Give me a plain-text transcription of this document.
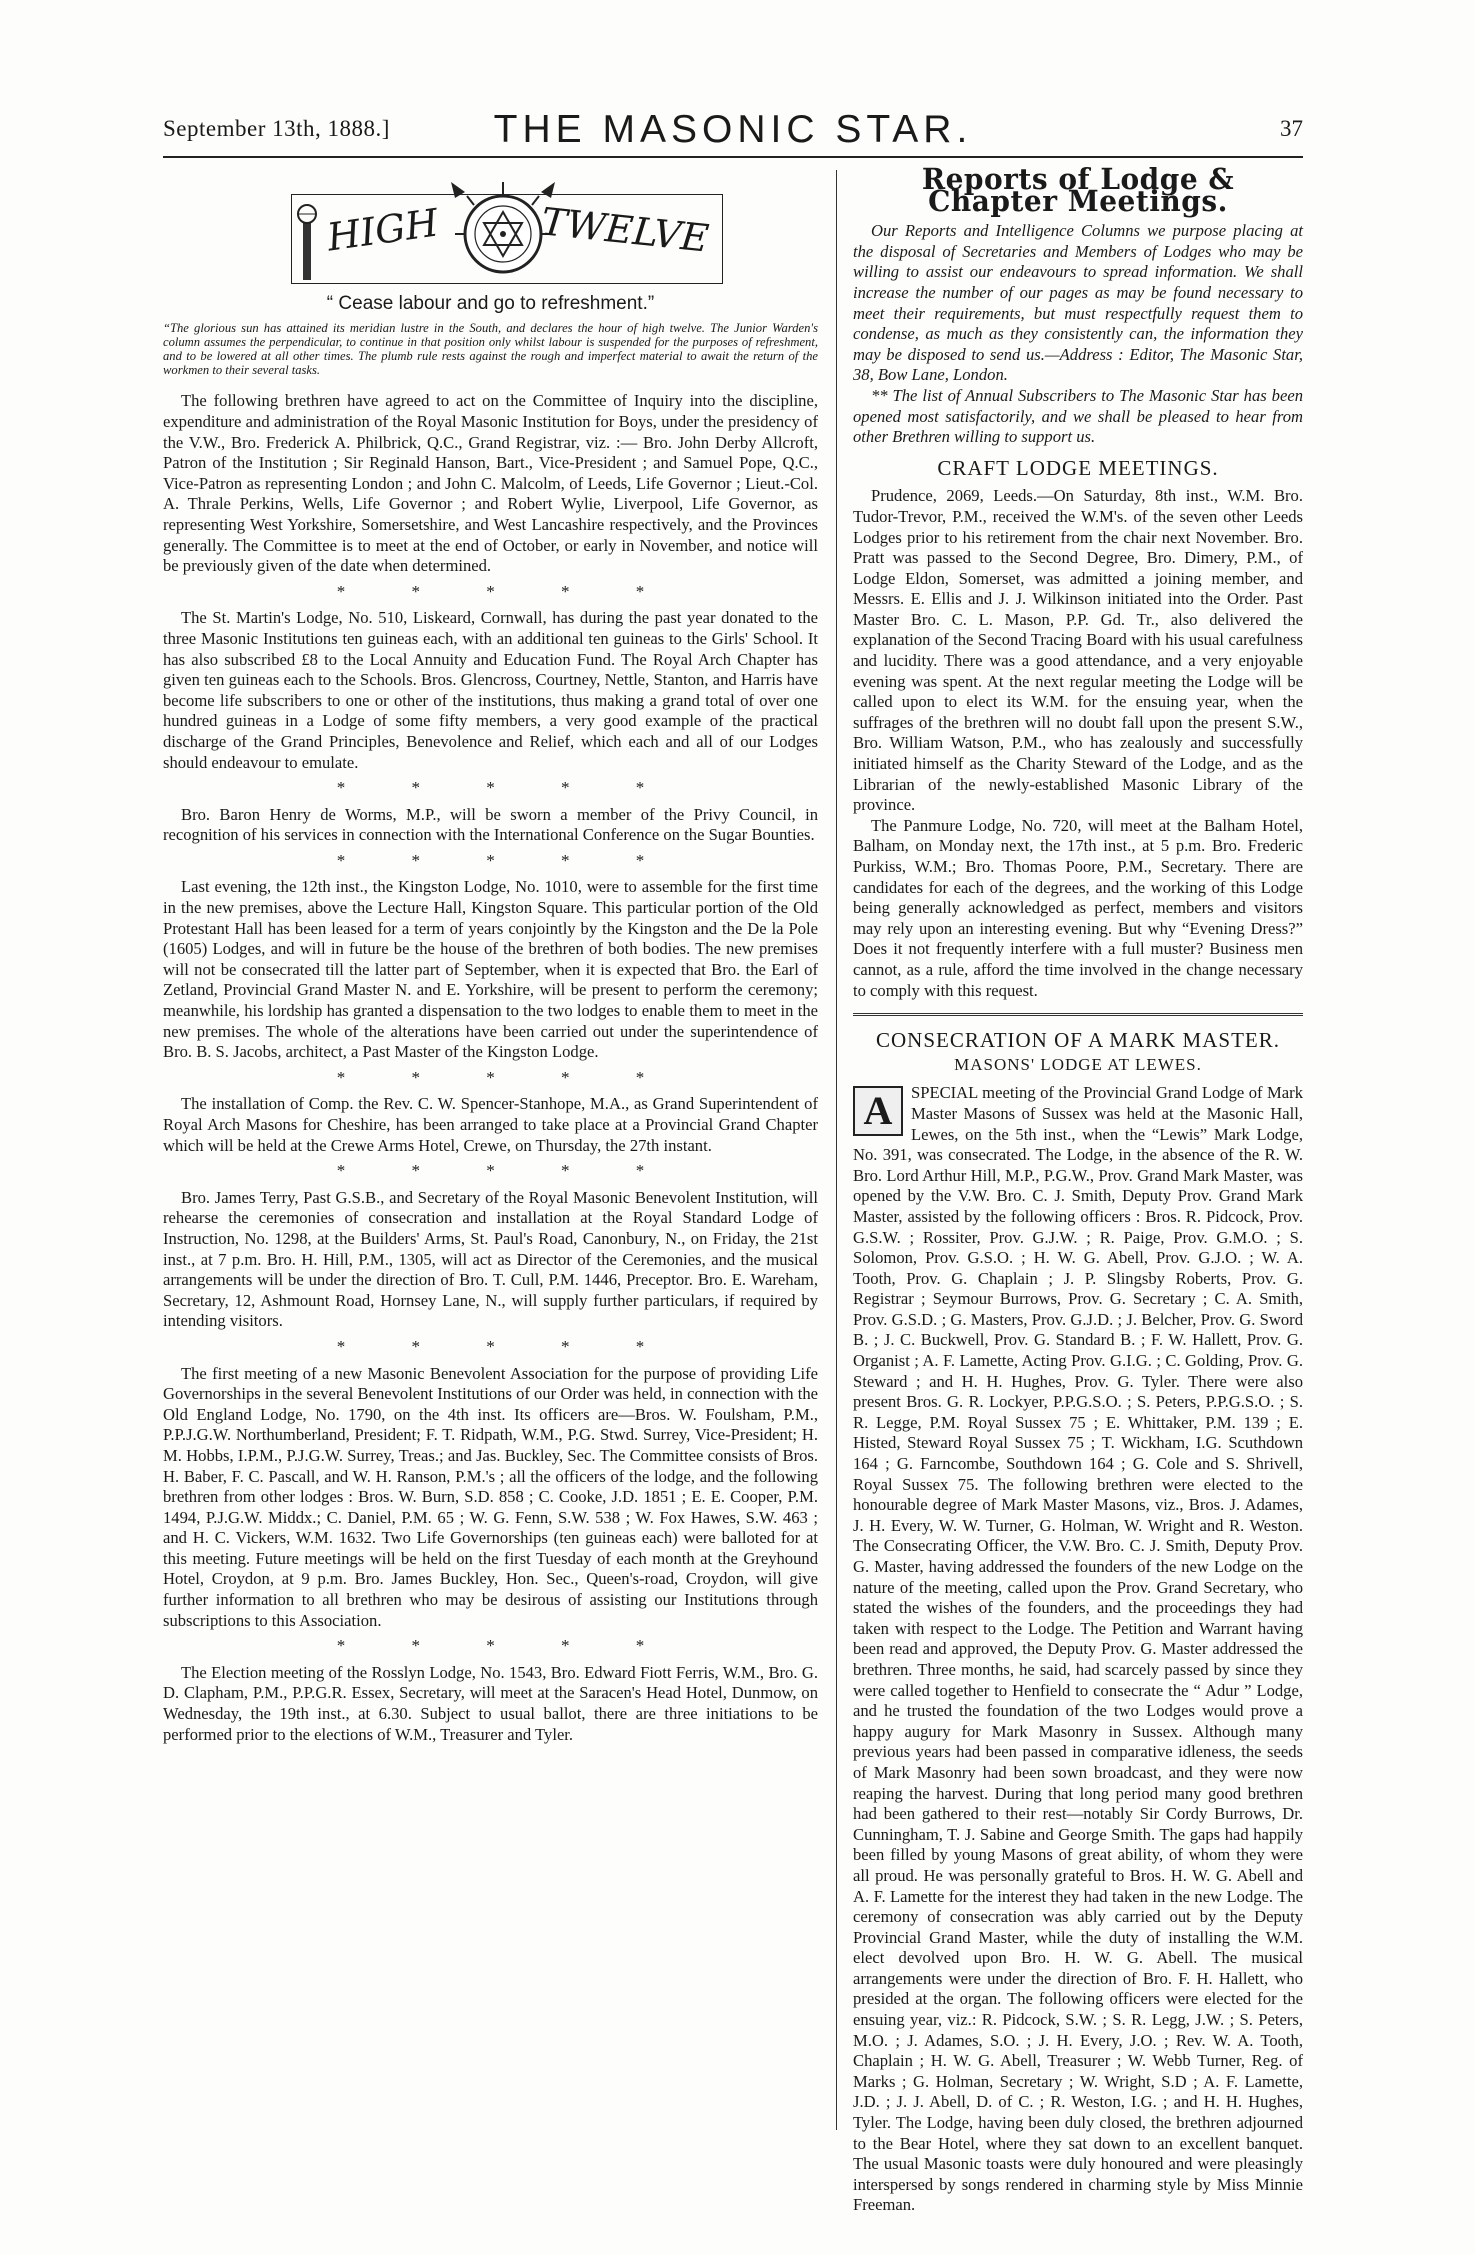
September 13th, 1888.]	THE MASONIC STAR.	37
HIGH	TWELVE
“ Cease labour and go to refreshment.”
“The glorious sun has attained its meridian lustre in the South, and declares the hour of high twelve. The Junior Warden's column assumes the perpendicular, to continue in that position only whilst labour is suspended for the purposes of refreshment, and to be lowered at all other times. The plumb rule rests against the rough and imperfect material to await the return of the workmen to their several tasks.

The following brethren have agreed to act on the Committee of Inquiry into the discipline, expenditure and administration of the Royal Masonic Institution for Boys, under the presidency of the V.W., Bro. Frederick A. Philbrick, Q.C., Grand Registrar, viz. :— Bro. John Derby Allcroft, Patron of the Institution ; Sir Reginald Hanson, Bart., Vice-President ; and Samuel Pope, Q.C., Vice-Patron as representing London ; and John C. Malcolm, of Leeds, Life Governor ; Lieut.-Col. A. Thrale Perkins, Wells, Life Governor ; and Robert Wylie, Liverpool, Life Governor, as representing West Yorkshire, Somersetshire, and West Lancashire respectively, and the Provinces generally. The Committee is to meet at the end of October, or early in November, and notice will be previously given of the date when determined.

* * * * *

The St. Martin's Lodge, No. 510, Liskeard, Cornwall, has during the past year donated to the three Masonic Institutions ten guineas each, with an additional ten guineas to the Girls' School. It has also subscribed £8 to the Local Annuity and Education Fund. The Royal Arch Chapter has given ten guineas each to the Schools. Bros. Glencross, Courtney, Nettle, Stanton, and Harris have become life subscribers to one or other of the institutions, thus making a grand total of over one hundred guineas in a Lodge of some fifty members, a very good example of the practical discharge of the Grand Principles, Benevolence and Relief, which each and all of our Lodges should endeavour to emulate.

* * * * *

Bro. Baron Henry de Worms, M.P., will be sworn a member of the Privy Council, in recognition of his services in connection with the International Conference on the Sugar Bounties.

* * * * *

Last evening, the 12th inst., the Kingston Lodge, No. 1010, were to assemble for the first time in the new premises, above the Lecture Hall, Kingston Square. This particular portion of the Old Protestant Hall has been leased for a term of years conjointly by the Kingston and the De la Pole (1605) Lodges, and will in future be the house of the brethren of both bodies. The new premises will not be consecrated till the latter part of September, when it is expected that Bro. the Earl of Zetland, Provincial Grand Master N. and E. Yorkshire, will be present to perform the ceremony; meanwhile, his lordship has granted a dispensation to the two lodges to enable them to meet in the new premises. The whole of the alterations have been carried out under the superintendence of Bro. B. S. Jacobs, architect, a Past Master of the Kingston Lodge.

* * * * *

The installation of Comp. the Rev. C. W. Spencer-Stanhope, M.A., as Grand Superintendent of Royal Arch Masons for Cheshire, has been arranged to take place at a Provincial Grand Chapter which will be held at the Crewe Arms Hotel, Crewe, on Thursday, the 27th instant.

* * * * *

Bro. James Terry, Past G.S.B., and Secretary of the Royal Masonic Benevolent Institution, will rehearse the ceremonies of consecration and installation at the Royal Standard Lodge of Instruction, No. 1298, at the Builders' Arms, St. Paul's Road, Canonbury, N., on Friday, the 21st inst., at 7 p.m. Bro. H. Hill, P.M., 1305, will act as Director of the Ceremonies, and the musical arrangements will be under the direction of Bro. T. Cull, P.M. 1446, Preceptor. Bro. E. Wareham, Secretary, 12, Ashmount Road, Hornsey Lane, N., will supply further particulars, if required by intending visitors.

* * * * *

The first meeting of a new Masonic Benevolent Association for the purpose of providing Life Governorships in the several Benevolent Institutions of our Order was held, in connection with the Old England Lodge, No. 1790, on the 4th inst. Its officers are—Bros. W. Foulsham, P.M., P.P.J.G.W. Northumberland, President; F. T. Ridpath, W.M., P.G. Stwd. Surrey, Vice-President; H. M. Hobbs, I.P.M., P.J.G.W. Surrey, Treas.; and Jas. Buckley, Sec. The Committee consists of Bros. H. Baber, F. C. Pascall, and W. H. Ranson, P.M.'s ; all the officers of the lodge, and the following brethren from other lodges : Bros. W. Burn, S.D. 858 ; C. Cooke, J.D. 1851 ; E. E. Cooper, P.M. 1494, P.J.G.W. Middx.; C. Daniel, P.M. 65 ; W. G. Fenn, S.W. 538 ; W. Fox Hawes, S.W. 463 ; and H. C. Vickers, W.M. 1632. Two Life Governorships (ten guineas each) were balloted for at this meeting. Future meetings will be held on the first Tuesday of each month at the Greyhound Hotel, Croydon, at 9 p.m. Bro. James Buckley, Hon. Sec., Queen's-road, Croydon, will give further information to all brethren who may be desirous of assisting our Institutions through subscriptions to this Association.

* * * * *

The Election meeting of the Rosslyn Lodge, No. 1543, Bro. Edward Fiott Ferris, W.M., Bro. G. D. Clapham, P.M., P.P.G.R. Essex, Secretary, will meet at the Saracen's Head Hotel, Dunmow, on Wednesday, the 19th inst., at 6.30. Subject to usual ballot, there are three initiations to be performed prior to the elections of W.M., Treasurer and Tyler.

Reports of Lodge & Chapter Meetings.

Our Reports and Intelligence Columns we purpose placing at the disposal of Secretaries and Members of Lodges who may be willing to assist our endeavours to spread information. We shall increase the number of our pages as may be found necessary to meet their requirements, but must respectfully request them to condense, as much as they consistently can, the information they may be disposed to send us.—Address : Editor, The Masonic Star, 38, Bow Lane, London.

** The list of Annual Subscribers to The Masonic Star has been opened most satisfactorily, and we shall be pleased to hear from other Brethren willing to support us.

CRAFT LODGE MEETINGS.

Prudence, 2069, Leeds.—On Saturday, 8th inst., W.M. Bro. Tudor-Trevor, P.M., received the W.M's. of the seven other Leeds Lodges prior to his retirement from the chair next November. Bro. Pratt was passed to the Second Degree, Bro. Dimery, P.M., of Lodge Eldon, Somerset, was admitted a joining member, and Messrs. E. Ellis and J. J. Wilkinson initiated into the Order. Past Master Bro. C. L. Mason, P.P. Gd. Tr., also delivered the explanation of the Second Tracing Board with his usual carefulness and lucidity. There was a good attendance, and a very enjoyable evening was spent. At the next regular meeting the Lodge will be called upon to elect its W.M. for the ensuing year, when the suffrages of the brethren will no doubt fall upon the present S.W., Bro. William Watson, P.M., who has zealously and successfully initiated himself as the Charity Steward of the Lodge, and as the Librarian of the newly-established Masonic Library of the province.

The Panmure Lodge, No. 720, will meet at the Balham Hotel, Balham, on Monday next, the 17th inst., at 5 p.m. Bro. Frederic Purkiss, W.M.; Bro. Thomas Poore, P.M., Secretary. There are candidates for each of the degrees, and the working of this Lodge being generally acknowledged as perfect, members and visitors may rely upon an interesting evening. But why “Evening Dress?” Does it not frequently interfere with a full muster? Business men cannot, as a rule, afford the time involved in the change necessary to comply with this request.

CONSECRATION OF A MARK MASTER.
MASONS' LODGE AT LEWES.

A	SPECIAL meeting of the Provincial Grand Lodge of Mark Master Masons of Sussex was held at the Masonic Hall, Lewes, on the 5th inst., when the “Lewis” Mark Lodge, No. 391, was consecrated. The Lodge, in the absence of the R. W. Bro. Lord Arthur Hill, M.P., P.G.W., Prov. Grand Mark Master, was opened by the V.W. Bro. C. J. Smith, Deputy Prov. Grand Mark Master, assisted by the following officers : Bros. R. Pidcock, Prov. G.S.W. ; Rossiter, Prov. G.J.W. ; R. Paige, Prov. G.M.O. ; S. Solomon, Prov. G.S.O. ; H. W. G. Abell, Prov. G.J.O. ; W. A. Tooth, Prov. G. Chaplain ; J. P. Slingsby Roberts, Prov. G. Registrar ; Seymour Burrows, Prov. G. Secretary ; C. A. Smith, Prov. G.S.D. ; G. Masters, Prov. G.J.D. ; J. Belcher, Prov. G. Sword B. ; J. C. Buckwell, Prov. G. Standard B. ; F. W. Hallett, Prov. G. Organist ; A. F. Lamette, Acting Prov. G.I.G. ; C. Golding, Prov. G. Steward ; and H. H. Hughes, Prov. G. Tyler. There were also present Bros. G. R. Lockyer, P.P.G.S.O. ; S. Peters, P.P.G.S.O. ; S. R. Legge, P.M. Royal Sussex 75 ; E. Whittaker, P.M. 139 ; E. Histed, Steward Royal Sussex 75 ; T. Wickham, I.G. Scuthdown 164 ; G. Farncombe, Southdown 164 ; G. Cole and S. Shrivell, Royal Sussex 75. The following brethren were elected to the honourable degree of Mark Master Masons, viz., Bros. J. Adames, J. H. Every, W. W. Turner, G. Holman, W. Wright and R. Weston. The Consecrating Officer, the V.W. Bro. C. J. Smith, Deputy Prov. G. Master, having addressed the founders of the new Lodge on the nature of the meeting, called upon the Prov. Grand Secretary, who stated the wishes of the founders, and the proceedings they had taken with respect to the Lodge. The Petition and Warrant having been read and approved, the Deputy Prov. G. Master addressed the brethren. Three months, he said, had scarcely passed by since they were called together to Henfield to consecrate the “ Adur ” Lodge, and he trusted the foundation of the two Lodges would prove a happy augury for Mark Masonry in Sussex. Although many previous years had been passed in comparative idleness, the seeds of Mark Masonry had been sown broadcast, and they were now reaping the harvest. During that long period many good brethren had been gathered to their rest—notably Sir Cordy Burrows, Dr. Cunningham, T. J. Sabine and George Smith. The gaps had happily been filled by young Masons of great ability, of whom they were all proud. He was personally grateful to Bros. H. W. G. Abell and A. F. Lamette for the interest they had taken in the new Lodge. The ceremony of consecration was ably carried out by the Deputy Provincial Grand Master, while the duty of installing the W.M. elect devolved upon Bro. H. W. G. Abell. The musical arrangements were under the direction of Bro. F. H. Hallett, who presided at the organ. The following officers were elected for the ensuing year, viz.: R. Pidcock, S.W. ; S. R. Legg, J.W. ; S. Peters, M.O. ; J. Adames, S.O. ; J. H. Every, J.O. ; Rev. W. A. Tooth, Chaplain ; H. W. G. Abell, Treasurer ; W. Webb Turner, Reg. of Marks ; G. Holman, Secretary ; W. Wright, S.D ; A. F. Lamette, J.D. ; J. J. Abell, D. of C. ; R. Weston, I.G. ; and H. H. Hughes, Tyler. The Lodge, having been duly closed, the brethren adjourned to the Bear Hotel, where they sat down to an excellent banquet. The usual Masonic toasts were duly honoured and were pleasingly interspersed by songs rendered in charming style by Miss Minnie Freeman.
